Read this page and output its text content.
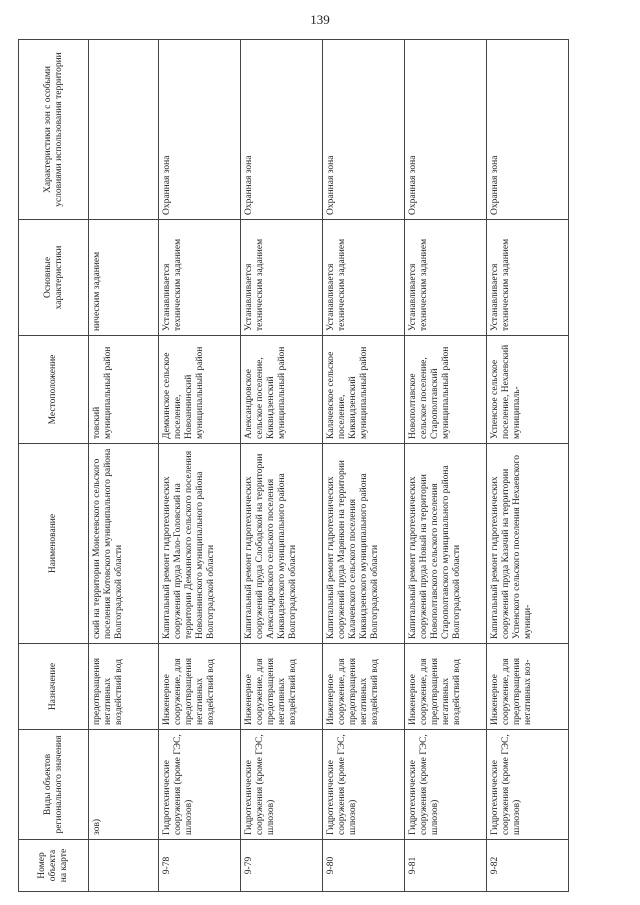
139
Номер объекта на карте	Виды объектов регионального значения	Назначение	Наименование	Местоположение	Основные характеристики	Характеристики зон с особыми условиями использования территории
	зов)	предотвращения негативных воздействий вод	ский на территории Моисеевского сельского поселения Котовского муниципального района Волгоградской области	товский муниципальный район	ническим заданием	
9-78	Гидротехнические сооружения (кроме ГЭС, шлюзов)	Инженерное сооружение, для предотвращения негативных воздействий вод	Капитальный ремонт гидротехнических сооружений пруда Мало-Головский на территории Демкинского сельского поселения Новоаннинского муниципального района Волгоградской области	Демкинское сельское поселение, Новоаннинский муниципальный район	Устанавливается техническим заданием	Охранная зона
9-79	Гидротехнические сооружения (кроме ГЭС, шлюзов)	Инженерное сооружение, для предотвращения негативных воздействий вод	Капитальный ремонт гидротехнических сооружений пруда Слободской на территории Александровского сельского поселения Киквидзенского муниципального района Волгоградской области	Александровское сельское поселение, Киквидзенский муниципальный район	Устанавливается техническим заданием	Охранная зона
9-80	Гидротехнические сооружения (кроме ГЭС, шлюзов)	Инженерное сооружение, для предотвращения негативных воздействий вод	Капитальный ремонт гидротехнических сооружений пруда Марянкин на территории Калачевского сельского поселения Киквидзенского муниципального района Волгоградской области	Калачевское сельское поселение, Киквидзенский муниципальный район	Устанавливается техническим заданием	Охранная зона
9-81	Гидротехнические сооружения (кроме ГЭС, шлюзов)	Инженерное сооружение, для предотвращения негативных воздействий вод	Капитальный ремонт гидротехнических сооружений пруда Новый на территории Новополтавского сельского поселения Старополтавского муниципального района Волгоградской области	Новополтавское сельское поселение, Старополтавский муниципальный район	Устанавливается техническим заданием	Охранная зона
9-82	Гидротехнические сооружения (кроме ГЭС, шлюзов)	Инженерное сооружение, для предотвращения негативных воз-	Капитальный ремонт гидротехнических сооружений пруда Казачий на территории Успенского сельского поселения Нехаевского муници-	Успенское сельское поселение, Нехаевский муниципаль-	Устанавливается техническим заданием	Охранная зона
